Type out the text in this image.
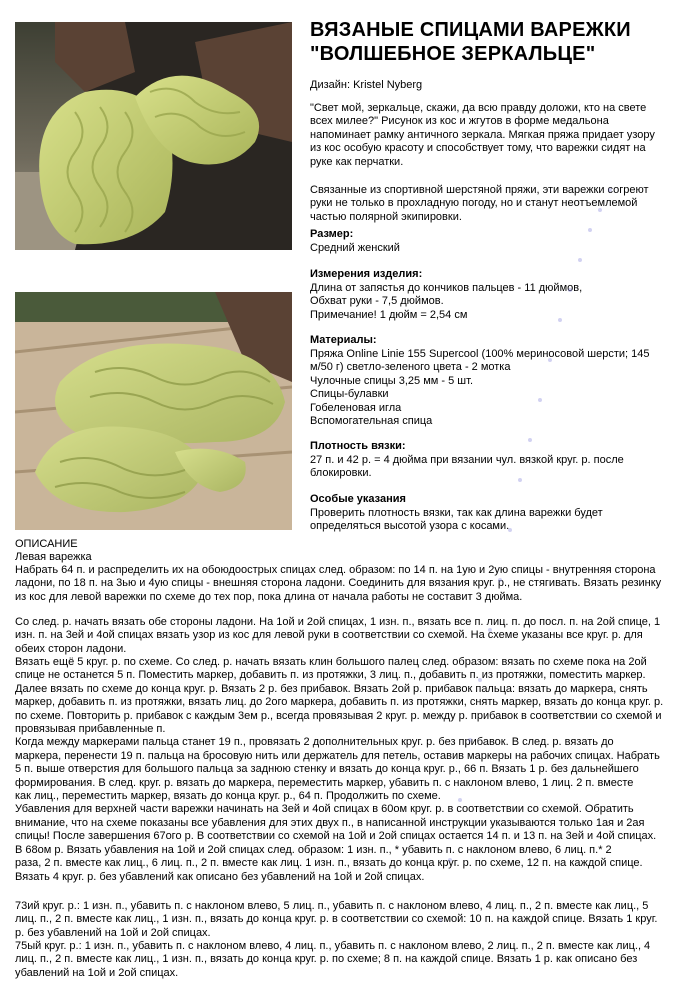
ВЯЗАНЫЕ СПИЦАМИ ВАРЕЖКИ
"ВОЛШЕБНОЕ ЗЕРКАЛЬЦЕ"

Дизайн: Kristel Nyberg

"Свет мой, зеркальце, скажи, да всю правду доложи, кто на свете

всех милее?" Рисунок из кос и жгутов в форме медальона

напоминает рамку античного зеркала. Мягкая пряжа придает узору

из кос особую красоту и способствует тому, что варежки сидят на

руке как перчатки.

Связанные из спортивной шерстяной пряжи, эти варежки согреют

руки не только в прохладную погоду, но и станут неотъемлемой

частью полярной экипировки.

Размер:

Средний женский

Измерения изделия:

Длина от запястья до кончиков пальцев - 11 дюймов,

Обхват руки - 7,5 дюймов.

Примечание! 1 дюйм = 2,54 см

Материалы:

Пряжа Online Linie 155 Supercool (100% мериносовой шерсти; 145

м/50 г) светло-зеленого цвета - 2 мотка

Чулочные спицы 3,25 мм - 5 шт.

Спицы-булавки

Гобеленовая игла

Вспомогательная спица

Плотность вязки:

27 п. и 42 р. = 4 дюйма при вязании чул. вязкой круг. р. после

блокировки.

Особые указания

Проверить плотность вязки, так как длина варежки будет

определяться высотой узора с косами.

ОПИСАНИЕ

Левая варежка

Набрать 64 п. и распределить их на обоюдоострых спицах след. образом: по 14 п. на 1ую и 2ую спицы - внутренняя сторона

ладони, по 18 п. на 3ью и 4ую спицы - внешняя сторона ладони. Соединить для вязания круг. р., не стягивать. Вязать резинку

из кос для левой варежки по схеме до тех пор, пока длина от начала работы не составит 3 дюйма.

Со след. р. начать вязать обе стороны ладони. На 1ой и 2ой спицах, 1 изн. п., вязать все п. лиц. п. до посл. п. на 2ой спице, 1

изн. п. на 3ей и 4ой спицах вязать узор из кос для левой руки в соответствии со схемой. На схеме указаны все круг. р. для

обеих сторон ладони.

Вязать ещё 5 круг. р. по схеме. Со след. р. начать вязать клин большого палец след. образом: вязать по схеме пока на 2ой

спице не останется 5 п. Поместить маркер, добавить п. из протяжки, 3 лиц. п., добавить п. из протяжки, поместить маркер.

Далее вязать по схеме до конца круг. р. Вязать 2 р. без прибавок. Вязать 2ой р. прибавок пальца: вязать до маркера, снять

маркер, добавить п. из протяжки, вязать лиц. до 2ого маркера, добавить п. из протяжки, снять маркер, вязать до конца круг. р.

по схеме. Повторить р. прибавок с каждым 3ем р., всегда провязывая 2 круг. р. между р. прибавок в соответствии со схемой и

провязывая прибавленные п.

Когда между маркерами пальца станет 19 п., провязать 2 дополнительных круг. р. без прибавок. В след. р. вязать до

маркера, перенести 19 п. пальца на бросовую нить или держатель для петель, оставив маркеры на рабочих спицах. Набрать

5 п. выше отверстия для большого пальца за заднюю стенку и вязать до конца круг. р., 66 п. Вязать 1 р. без дальнейшего

формирования. В след. круг. р. вязать до маркера, переместить маркер, убавить п. с наклоном влево, 1 лиц. 2 п. вместе

как лиц., переместить маркер, вязать до конца круг. р., 64 п. Продолжить по схеме.

Убавления для верхней части варежки начинать на 3ей и 4ой спицах в 60ом круг. р. в соответствии со схемой. Обратить

внимание, что на схеме показаны все убавления для этих двух п., в написанной инструкции указываются только 1ая и 2ая

спицы! После завершения 67ого р. В соответствии со схемой на 1ой и 2ой спицах остается 14 п. и 13 п. на 3ей и 4ой спицах.

В 68ом р. Вязать убавления на 1ой и 2ой спицах след. образом: 1 изн. п., * убавить п. с наклоном влево, 6 лиц. п.* 2

раза, 2 п. вместе как лиц., 6 лиц. п., 2 п. вместе как лиц. 1 изн. п., вязать до конца круг. р. по схеме, 12 п. на каждой спице.

Вязать 4 круг. р. без убавлений как описано без убавлений на 1ой и 2ой спицах.

73ий круг. р.: 1 изн. п., убавить п. с наклоном влево, 5 лиц. п., убавить п. с наклоном влево, 4 лиц. п., 2 п. вместе как лиц., 5

лиц. п., 2 п. вместе как лиц., 1 изн. п., вязать до конца круг. р. в соответствии со схемой: 10 п. на каждой спице. Вязать 1 круг.

р. без убавлений на 1ой и 2ой спицах.

75ый круг. р.: 1 изн. п., убавить п. с наклоном влево, 4 лиц. п., убавить п. с наклоном влево, 2 лиц. п., 2 п. вместе как лиц., 4

лиц. п., 2 п. вместе как лиц., 1 изн. п., вязать до конца круг. р. по схеме; 8 п. на каждой спице. Вязать 1 р. как описано без

убавлений на 1ой и 2ой спицах.
